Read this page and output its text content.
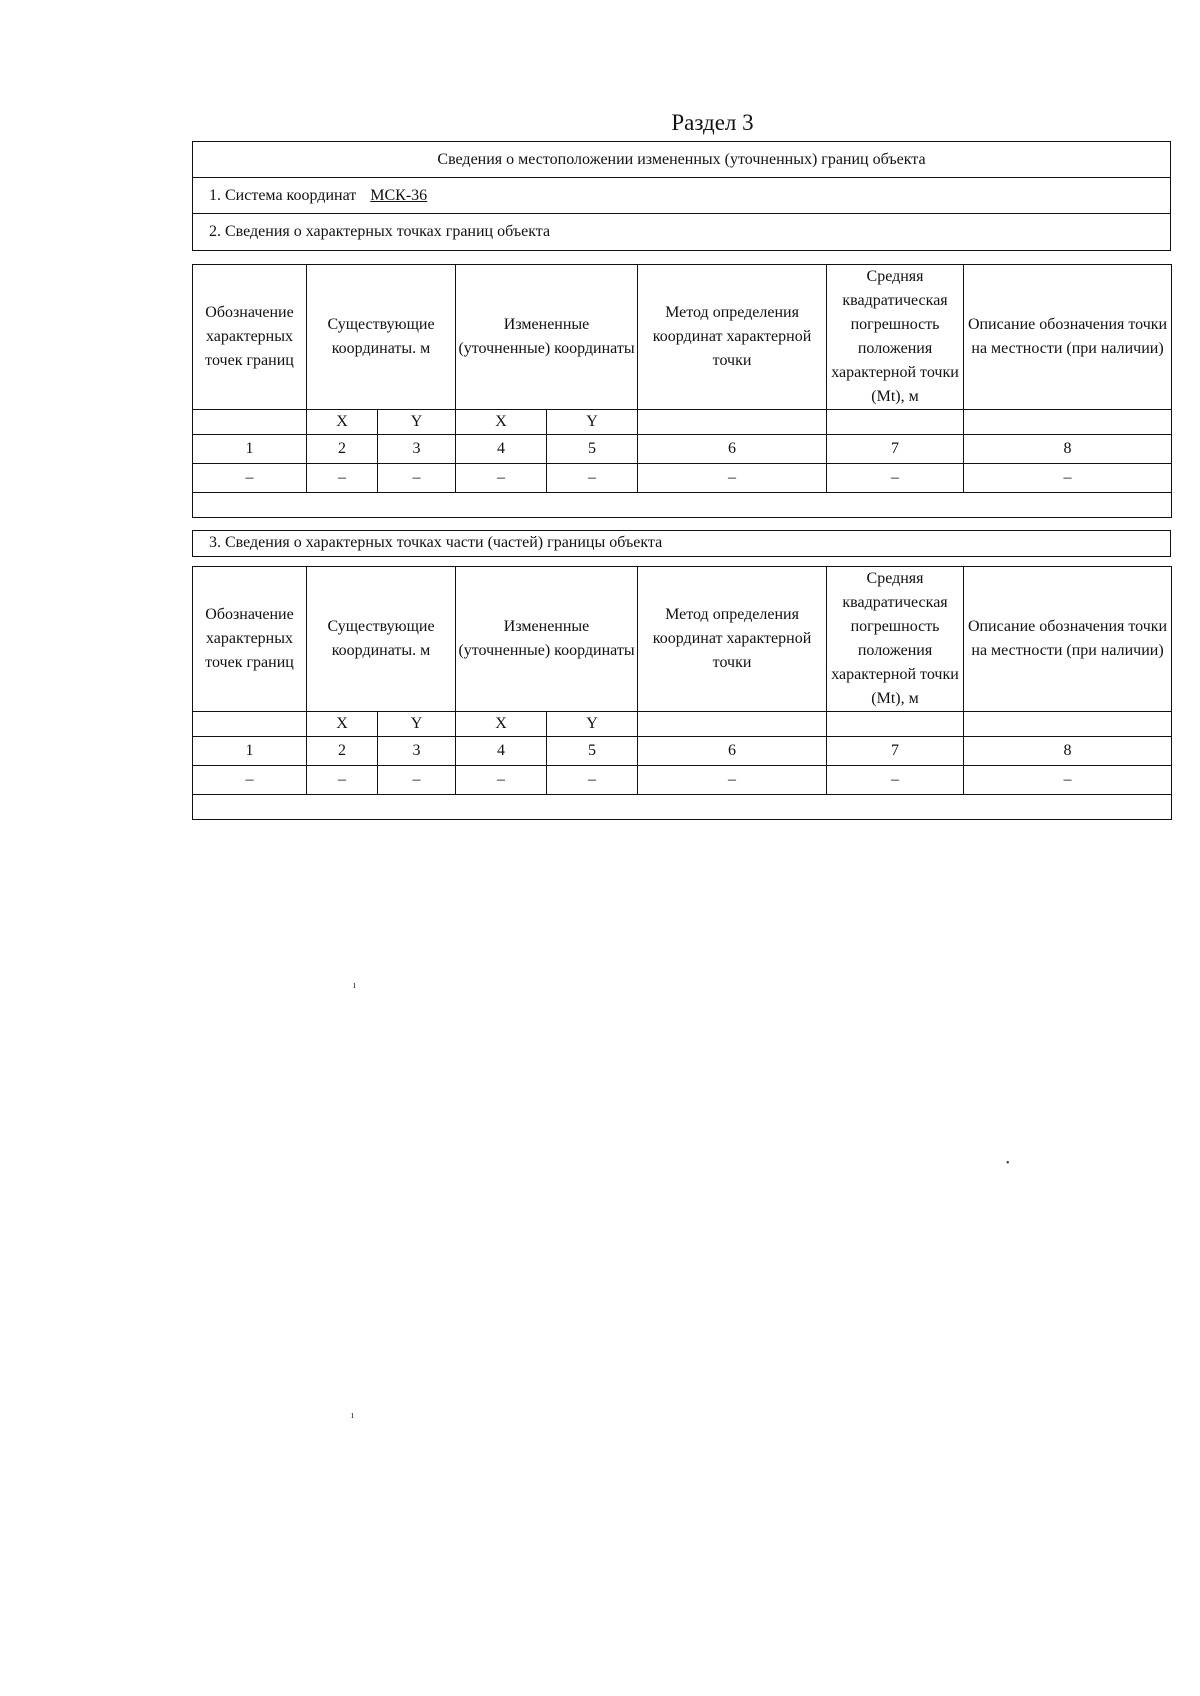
Раздел 3
Сведения о местоположении измененных (уточненных) границ объекта
1. Система координат МСК-36
2. Сведения о характерных точках границ объекта
Обозначение характерных точек границ	Существующие координаты. м		Измененные (уточненные) координаты		Метод определения координат характерной точки	Средняя квадратическая погрешность положения характерной точки (Mt), м	Описание обозначения точки на местности (при наличии)
	X	Y	X	Y			
1	2	3	4	5	6	7	8
–	–	–	–	–	–	–	–

3. Сведения о характерных точках части (частей) границы объекта
Обозначение характерных точек границ	Существующие координаты. м		Измененные (уточненные) координаты		Метод определения координат характерной точки	Средняя квадратическая погрешность положения характерной точки (Mt), м	Описание обозначения точки на местности (при наличии)
	X	Y	X	Y			
1	2	3	4	5	6	7	8
–	–	–	–	–	–	–	–

ı
•
ı
